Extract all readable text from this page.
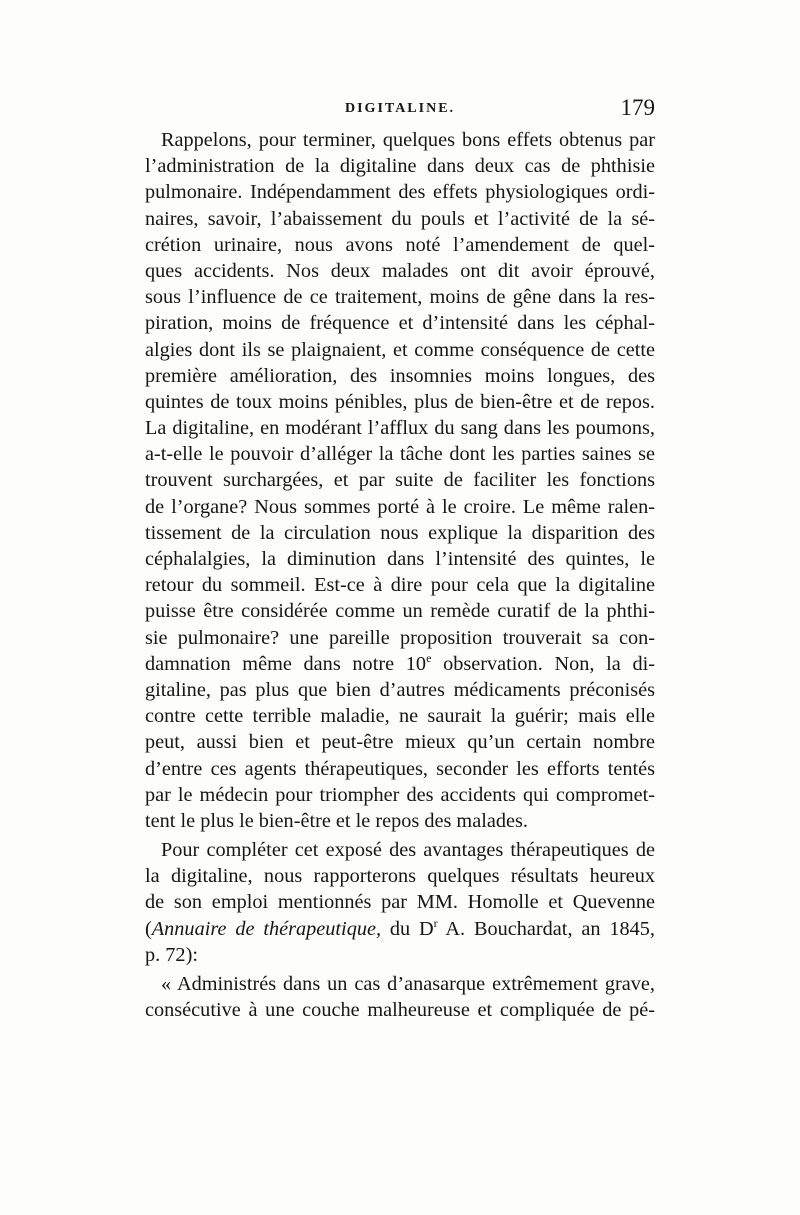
DIGITALINE.	179
Rappelons, pour terminer, quelques bons effets obtenus par
l’administration de la digitaline dans deux cas de phthisie
pulmonaire. Indépendamment des effets physiologiques ordi-
naires, savoir, l’abaissement du pouls et l’activité de la sé-
crétion urinaire, nous avons noté l’amendement de quel-
ques accidents. Nos deux malades ont dit avoir éprouvé,
sous l’influence de ce traitement, moins de gêne dans la res-
piration, moins de fréquence et d’intensité dans les céphal-
algies dont ils se plaignaient, et comme conséquence de cette
première amélioration, des insomnies moins longues, des
quintes de toux moins pénibles, plus de bien-être et de repos.
La digitaline, en modérant l’afflux du sang dans les poumons,
a-t-elle le pouvoir d’alléger la tâche dont les parties saines se
trouvent surchargées, et par suite de faciliter les fonctions
de l’organe? Nous sommes porté à le croire. Le même ralen-
tissement de la circulation nous explique la disparition des
céphalalgies, la diminution dans l’intensité des quintes, le
retour du sommeil. Est-ce à dire pour cela que la digitaline
puisse être considérée comme un remède curatif de la phthi-
sie pulmonaire? une pareille proposition trouverait sa con-
damnation même dans notre 10e observation. Non, la di-
gitaline, pas plus que bien d’autres médicaments préconisés
contre cette terrible maladie, ne saurait la guérir; mais elle
peut, aussi bien et peut-être mieux qu’un certain nombre
d’entre ces agents thérapeutiques, seconder les efforts tentés
par le médecin pour triompher des accidents qui compromet-
tent le plus le bien-être et le repos des malades.
Pour compléter cet exposé des avantages thérapeutiques de
la digitaline, nous rapporterons quelques résultats heureux
de son emploi mentionnés par MM. Homolle et Quevenne
(Annuaire de thérapeutique, du $D^r$ A. Bouchardat, an 1845,
p. 72):
« Administrés dans un cas d’anasarque extrêmement grave,
consécutive à une couche malheureuse et compliquée de pé-
